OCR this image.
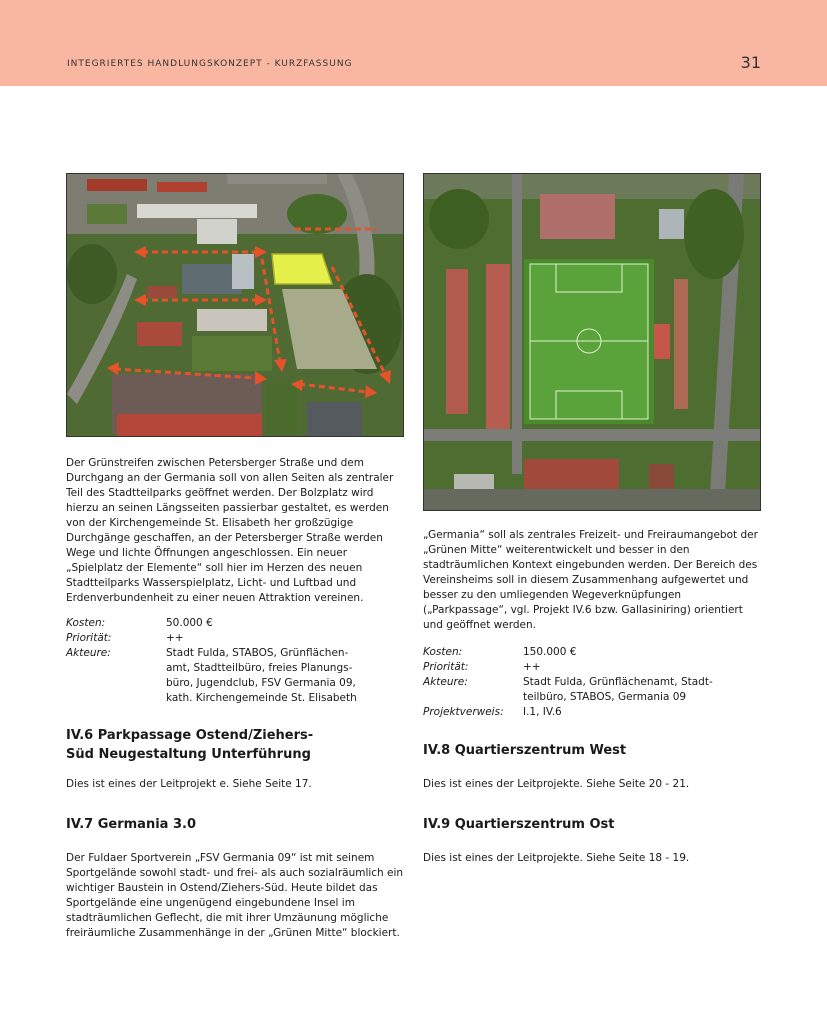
INTEGRIERTES HANDLUNGSKONZEPT - KURZFASSUNG	31

Der Grünstreifen zwischen Petersberger Straße und dem Durchgang an der Germania soll von allen Seiten als zentraler Teil des Stadtteilparks geöffnet werden. Der Bolzplatz wird hierzu an seinen Längsseiten passierbar gestaltet, es werden von der Kirchengemeinde St. Elisabeth her großzügige Durchgänge geschaffen, an der Petersberger Straße werden Wege und lichte Öffnungen angeschlossen. Ein neuer „Spielplatz der Elemente“ soll hier im Herzen des neuen Stadtteilparks Wasserspielplatz, Licht- und Luftbad und Erdenverbundenheit zu einer neuen Attraktion vereinen.

Kosten:	50.000 €
Priorität:	++
Akteure:	Stadt Fulda, STABOS, Grünflächen-
amt, Stadtteilbüro, freies Planungs-
büro, Jugendclub, FSV Germania 09,
kath. Kirchengemeinde St. Elisabeth
IV.6 Parkpassage Ostend/Ziehers-
Süd Neugestaltung Unterführung

Dies ist eines der Leitprojekt e. Siehe Seite 17.

IV.7 Germania 3.0

Der Fuldaer Sportverein „FSV Germania 09“ ist mit seinem Sportgelände sowohl stadt- und frei- als auch sozialräumlich ein wichtiger Baustein in Ostend/Ziehers-Süd. Heute bildet das Sportgelände eine ungenügend eingebundene Insel im stadträumlichen Geflecht, die mit ihrer Umzäunung mögliche freiräumliche Zusammenhänge in der „Grünen Mitte“ blockiert.

„Germania“ soll als zentrales Freizeit- und Freiraumangebot der „Grünen Mitte“ weiterentwickelt und besser in den stadträumlichen Kontext eingebunden werden. Der Bereich des Vereinsheims soll in diesem Zusammenhang aufgewertet und besser zu den umliegenden Wegeverknüpfungen („Parkpassage“, vgl. Projekt IV.6 bzw. Gallasiniring) orientiert und geöffnet werden.

Kosten:	150.000 €
Priorität:	++
Akteure:	Stadt Fulda, Grünflächenamt, Stadt-
teilbüro, STABOS, Germania 09
Projektverweis:	I.1, IV.6
IV.8 Quartierszentrum West

Dies ist eines der Leitprojekte. Siehe Seite 20 - 21.

IV.9 Quartierszentrum Ost

Dies ist eines der Leitprojekte. Siehe Seite 18 - 19.
